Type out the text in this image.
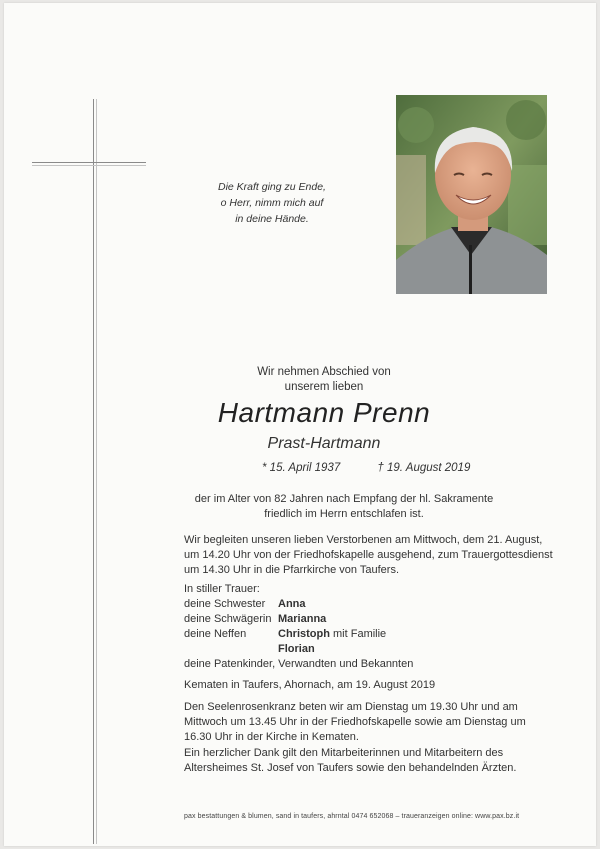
Die Kraft ging zu Ende,
o Herr, nimm mich auf
in deine Hände.
Wir nehmen Abschied von
unserem lieben
Hartmann Prenn
Prast-Hartmann
* 15. April 1937	† 19. August 2019
der im Alter von 82 Jahren nach Empfang der hl. Sakramente
friedlich im Herrn entschlafen ist.
Wir begleiten unseren lieben Verstorbenen am Mittwoch, dem 21. August,
um 14.20 Uhr von der Friedhofskapelle ausgehend, zum Trauergottesdienst
um 14.30 Uhr in die Pfarrkirche von Taufers.
In stiller Trauer:
deine Schwester Anna
deine Schwägerin Marianna
deine Neffen	Christoph mit Familie
Florian
deine Patenkinder, Verwandten und Bekannten
Kematen in Taufers, Ahornach, am 19. August 2019
Den Seelenrosenkranz beten wir am Dienstag um 19.30 Uhr und am
Mittwoch um 13.45 Uhr in der Friedhofskapelle sowie am Dienstag um
16.30 Uhr in der Kirche in Kematen.
Ein herzlicher Dank gilt den Mitarbeiterinnen und Mitarbeitern des
Altersheimes St. Josef von Taufers sowie den behandelnden Ärzten.
pax bestattungen & blumen, sand in taufers, ahrntal 0474 652068 – traueranzeigen online: www.pax.bz.it
